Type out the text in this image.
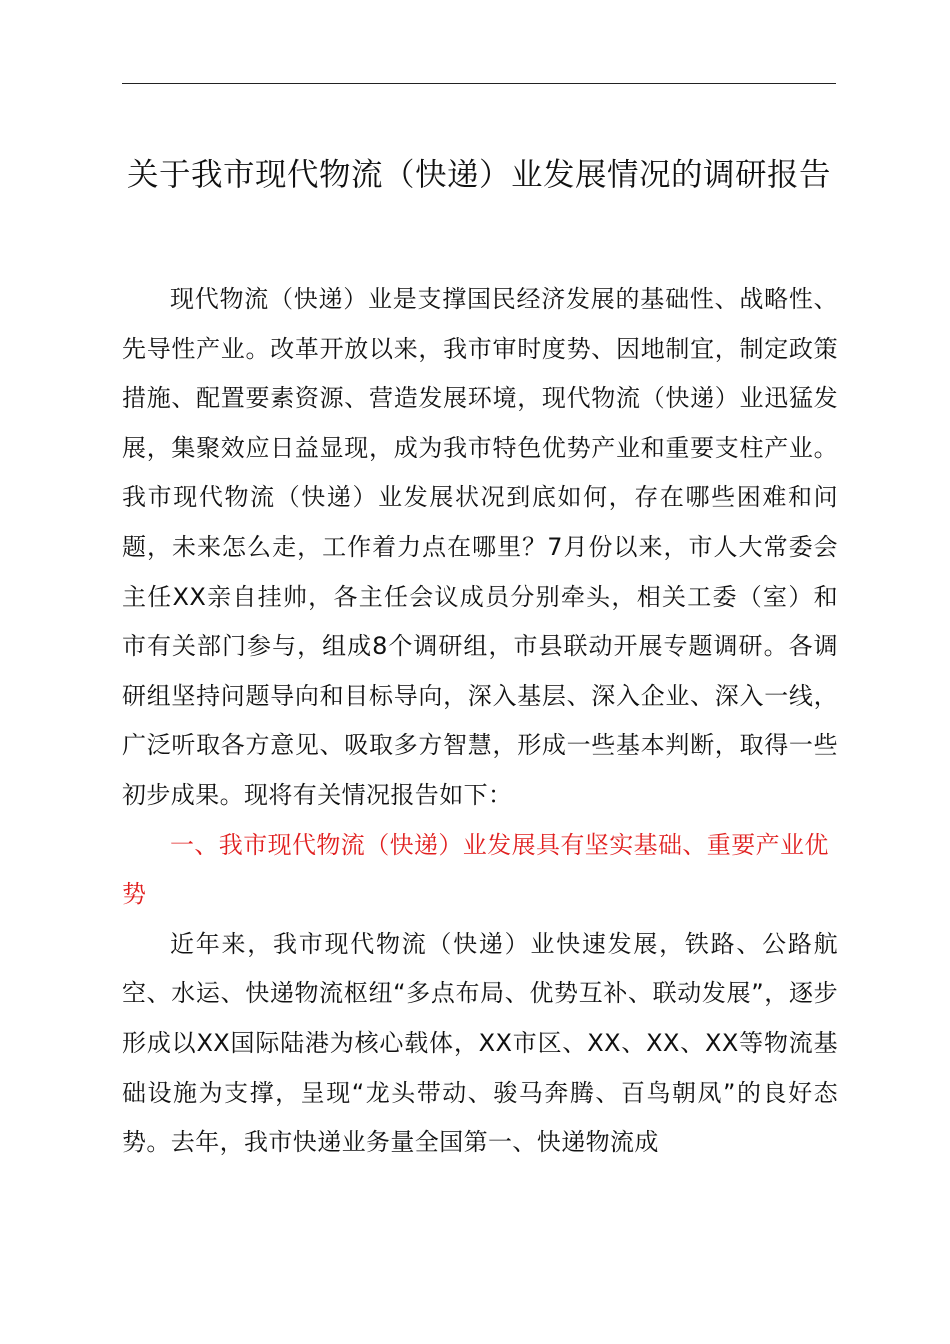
关于我市现代物流（快递）业发展情况的调研报告

现代物流（快递）业是支撑国民经济发展的基础性、战略性、先导性产业。改革开放以来，我市审时度势、因地制宜，制定政策措施、配置要素资源、营造发展环境，现代物流（快递）业迅猛发展，集聚效应日益显现，成为我市特色优势产业和重要支柱产业。我市现代物流（快递）业发展状况到底如何，存在哪些困难和问题，未来怎么走，工作着力点在哪里？7月份以来，市人大常委会主任XX亲自挂帅，各主任会议成员分别牵头，相关工委（室）和市有关部门参与，组成8个调研组，市县联动开展专题调研。各调研组坚持问题导向和目标导向，深入基层、深入企业、深入一线，广泛听取各方意见、吸取多方智慧，形成一些基本判断，取得一些初步成果。现将有关情况报告如下：

一、我市现代物流（快递）业发展具有坚实基础、重要产业优势

近年来，我市现代物流（快递）业快速发展，铁路、公路航空、水运、快递物流枢纽“多点布局、优势互补、联动发展”，逐步形成以XX国际陆港为核心载体，XX市区、XX、XX、XX等物流基础设施为支撑，呈现“龙头带动、骏马奔腾、百鸟朝凤”的良好态势。去年，我市快递业务量全国第一、快递物流成
